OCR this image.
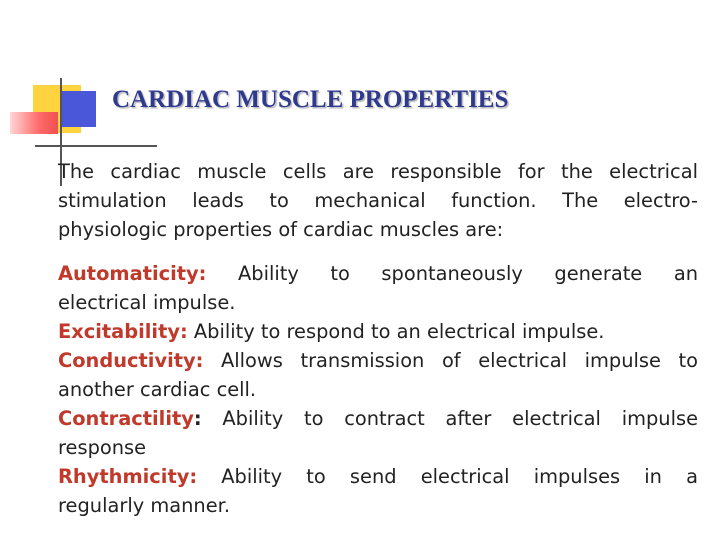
CARDIAC MUSCLE PROPERTIES
The cardiac muscle cells are responsible for the electrical
stimulation leads to mechanical function. The electro-
physiologic properties of cardiac muscles are:
Automaticity: Ability to spontaneously generate an
electrical impulse.
Excitability: Ability to respond to an electrical impulse.
Conductivity: Allows transmission of electrical impulse to
another cardiac cell.
Contractility: Ability to contract after electrical impulse
response
Rhythmicity: Ability to send electrical impulses in a
regularly manner.
